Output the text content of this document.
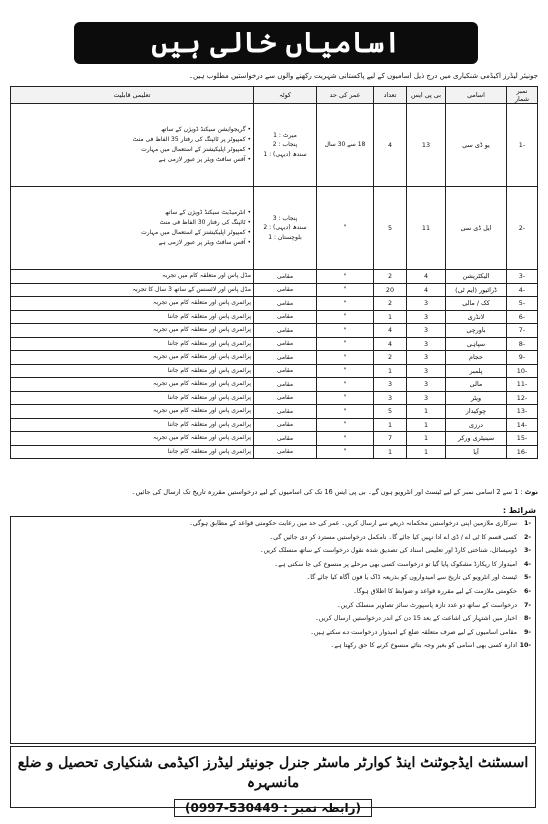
اسامیاں خالی ہیں
جونیئر لیڈرز اکیڈمی شنکیاری میں درج ذیل اسامیوں کے لیے پاکستانی شہریت رکھنے والوں سے درخواستیں مطلوب ہیں۔
نمبر شمار	اسامی	بی پی ایس	تعداد	عمر کی حد	کوٹہ	تعلیمی قابلیت
-1	یو ڈی سی	13	4	18 سے 30 سال	میرٹ : 1
پنجاب : 2
سندھ (دیہی) : 1	• گریجوایشن سیکنڈ ڈویژن کے ساتھ
• کمپیوٹر پر ٹائپنگ کی رفتار 35 الفاظ فی منٹ
• کمپیوٹر اپلیکیشنز کے استعمال میں مہارت
• آفس سافٹ ویئر پر عبور لازمی ہے
-2	ایل ڈی سی	11	5	"	پنجاب : 3
سندھ (دیہی) : 2
بلوچستان : 1	• انٹرمیڈیٹ سیکنڈ ڈویژن کے ساتھ
• ٹائپنگ کی رفتار 30 الفاظ فی منٹ
• کمپیوٹر اپلیکیشنز کے استعمال میں مہارت
• آفس سافٹ ویئر پر عبور لازمی ہے
-3	الیکٹریشن	4	2	"	مقامی	مڈل پاس اور متعلقہ کام میں تجربہ
-4	ڈرائیور (ایم ٹی)	4	20	"	مقامی	مڈل پاس اور لائسنس کے ساتھ 3 سال کا تجربہ
-5	کک / مالی	3	2	"	مقامی	پرائمری پاس اور متعلقہ کام میں تجربہ
-6	لانڈری	3	1	"	مقامی	پرائمری پاس اور متعلقہ کام جاننا
-7	باورچی	3	4	"	مقامی	پرائمری پاس اور متعلقہ کام میں تجربہ
-8	سپاہی	3	4	"	مقامی	پرائمری پاس اور متعلقہ کام جاننا
-9	حجام	3	2	"	مقامی	پرائمری پاس اور متعلقہ کام میں تجربہ
-10	پلمبر	3	1	"	مقامی	پرائمری پاس اور متعلقہ کام جاننا
-11	مالی	3	3	"	مقامی	پرائمری پاس اور متعلقہ کام میں تجربہ
-12	ویٹر	3	3	"	مقامی	پرائمری پاس اور متعلقہ کام جاننا
-13	چوکیدار	1	5	"	مقامی	پرائمری پاس اور متعلقہ کام میں تجربہ
-14	درزی	1	1	"	مقامی	پرائمری پاس اور متعلقہ کام جاننا
-15	سینیٹری ورکر	1	7	"	مقامی	پرائمری پاس اور متعلقہ کام میں تجربہ
-16	آیا	1	1	"	مقامی	پرائمری پاس اور متعلقہ کام جاننا
نوٹ : 1 سے 2 اسامی نمبر کے لیے ٹیسٹ اور انٹرویو ہوں گے۔ بی پی ایس 16 تک کی اسامیوں کے لیے درخواستیں مقررہ تاریخ تک ارسال کی جائیں۔
شرائط :
-1
سرکاری ملازمین اپنی درخواستیں محکمانہ ذریعے سے ارسال کریں۔ عمر کی حد میں رعایت حکومتی قواعد کے مطابق ہوگی۔
-2
کسی قسم کا ٹی اے / ڈی اے ادا نہیں کیا جائے گا۔ نامکمل درخواستیں مسترد کر دی جائیں گی۔
-3
ڈومیسائل، شناختی کارڈ اور تعلیمی اسناد کی تصدیق شدہ نقول درخواست کے ساتھ منسلک کریں۔
-4
امیدوار کا ریکارڈ مشکوک پایا گیا تو درخواست کسی بھی مرحلے پر منسوخ کی جا سکتی ہے۔
-5
ٹیسٹ اور انٹرویو کی تاریخ سے امیدواروں کو بذریعہ ڈاک یا فون آگاہ کیا جائے گا۔
-6
حکومتی ملازمت کے لیے مقررہ قواعد و ضوابط کا اطلاق ہوگا۔
-7
درخواست کے ساتھ دو عدد تازہ پاسپورٹ سائز تصاویر منسلک کریں۔
-8
اخبار میں اشتہار کی اشاعت کے بعد 15 دن کے اندر درخواستیں ارسال کریں۔
-9
مقامی اسامیوں کے لیے صرف متعلقہ ضلع کے امیدوار درخواست دے سکتے ہیں۔
-10
ادارہ کسی بھی اسامی کو بغیر وجہ بتائے منسوخ کرنے کا حق رکھتا ہے۔
اسسٹنٹ ایڈجوٹنٹ اینڈ کوارٹر ماسٹر جنرل جونیئر لیڈرز اکیڈمی شنکیاری تحصیل و ضلع مانسہرہ
(رابطہ نمبر : 0997-530449)
